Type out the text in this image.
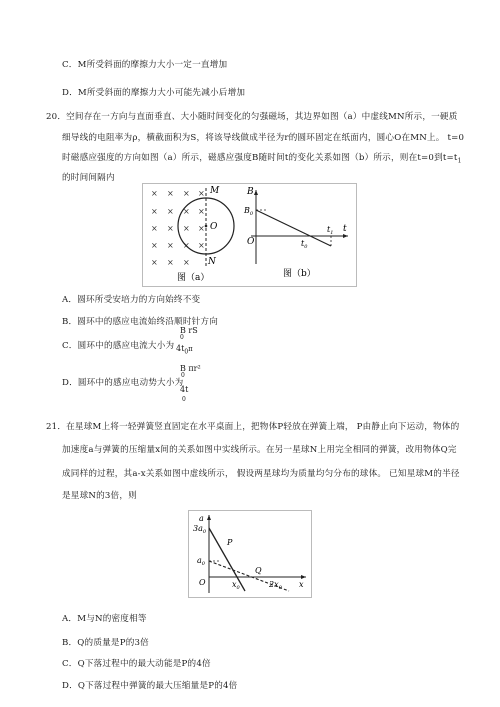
C．M所受斜面的摩擦力大小一定一直增加
D．M所受斜面的摩擦力大小可能先减小后增加
20．空间存在一方向与直面垂直、大小随时间变化的匀强磁场，其边界如图（a）中虚线MN所示，一硬质
细导线的电阻率为ρ，横截面积为S，将该导线做成半径为r的圆环固定在纸面内，圆心O在MN上。 t=0
时磁感应强度的方向如图（a）所示，磁感应强度B随时间t的变化关系如图（b）所示，则在t=0到$t=t_1$
的时间间隔内
× × × ×
× × × ×
× × × ×
× × × ×
× × ×
M
O
N
图（a）
B
$B_0$
O
t
$t_0$
$t_1$
图（b）
A．圆环所受安培力的方向始终不变
B．圆环中的感应电流始终沿顺时针方向
C．圆环中的感应电流大小为
B rS
0
$4t_0\pi$
D．圆环中的感应电动势大小为
B πr²
0
4t
0
21．在星球M上将一轻弹簧竖直固定在水平桌面上，把物体P轻放在弹簧上端， P由静止向下运动，物体的
加速度a与弹簧的压缩量x间的关系如图中实线所示。在另一星球N上用完全相同的弹簧，改用物体Q完
成同样的过程，其a-x关系如图中虚线所示， 假设两星球均为质量均匀分布的球体。 已知星球M的半径
是星球N的3倍，则
$3a_0$
$a_0$
a
P
Q
O	$x_0$	$2x_0$ x
A．M与N的密度相等
B．Q的质量是P的3倍
C．Q下落过程中的最大动能是P的4倍
D．Q下落过程中弹簧的最大压缩量是P的4倍
